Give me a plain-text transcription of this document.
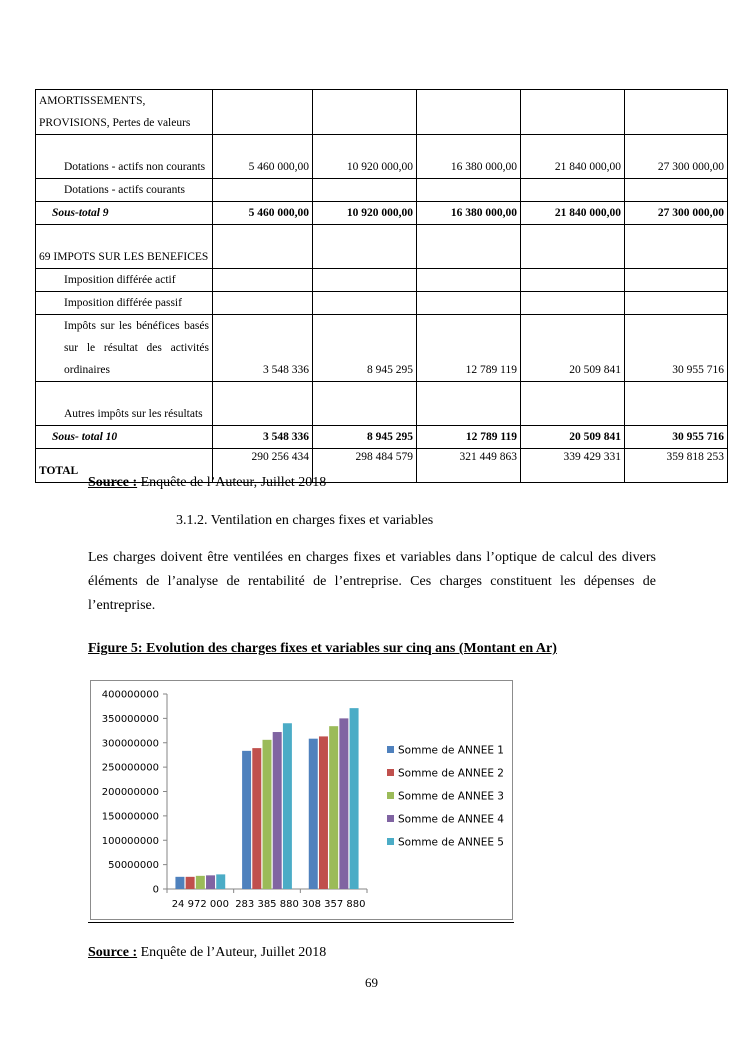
AMORTISSEMENTS, PROVISIONS, Pertes de valeurs					
Dotations - actifs non courants	5 460 000,00	10 920 000,00	16 380 000,00	21 840 000,00	27 300 000,00
Dotations - actifs courants					
Sous-total 9	5 460 000,00	10 920 000,00	16 380 000,00	21 840 000,00	27 300 000,00
69 IMPOTS SUR LES BENEFICES					
Imposition différée actif					
Imposition différée passif					
Impôts sur les bénéfices basés sur le résultat des activités ordinaires	3 548 336	8 945 295	12 789 119	20 509 841	30 955 716
Autres impôts sur les résultats					
Sous- total 10	3 548 336	8 945 295	12 789 119	20 509 841	30 955 716
TOTAL	290 256 434	298 484 579	321 449 863	339 429 331	359 818 253
Source : Enquête de l’Auteur, Juillet 2018
3.1.2. Ventilation en charges fixes et variables
Les charges doivent être ventilées en charges fixes et variables dans l’optique de calcul des divers éléments de l’analyse de rentabilité de l’entreprise. Ces charges constituent les dépenses de l’entreprise.
Figure 5: Evolution des charges fixes et variables sur cinq ans (Montant en Ar)
400000000
350000000
300000000
250000000
200000000
150000000
100000000
50000000
0
24 972 000 283 385 880 308 357 880
Somme de ANNEE 1
Somme de ANNEE 2
Somme de ANNEE 3
Somme de ANNEE 4
Somme de ANNEE 5
Source : Enquête de l’Auteur, Juillet 2018
69
